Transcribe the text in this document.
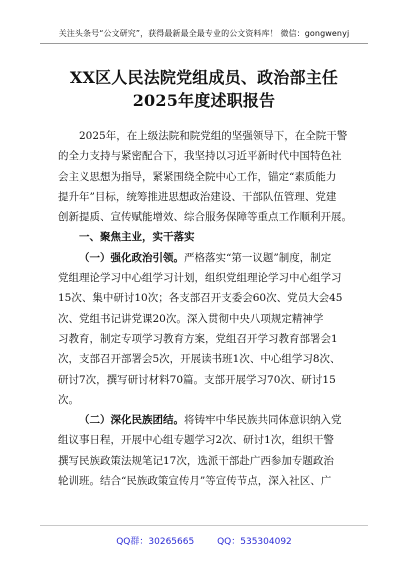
关注头条号“公文研究”，获得最新最全最专业的公文资料库！ 微信：gongwenyj
XX区人民法院党组成员、政治部主任
2025年度述职报告
2025年，在上级法院和院党组的坚强领导下，在全院干警
的全力支持与紧密配合下，我坚持以习近平新时代中国特色社
会主义思想为指导，紧紧围绕全院中心工作，锚定“素质能力
提升年”目标，统筹推进思想政治建设、干部队伍管理、党建
创新提质、宣传赋能增效、综合服务保障等重点工作顺利开展。
一、聚焦主业，实干落实
（一）强化政治引领。严格落实“第一议题”制度，制定
党组理论学习中心组学习计划，组织党组理论学习中心组学习
15次、集中研讨10次；各支部召开支委会60次、党员大会45
次、党组书记讲党课20次。深入贯彻中央八项规定精神学
习教育，制定专项学习教育方案，党组召开学习教育部署会1
次，支部召开部署会5次，开展读书班1次、中心组学习8次、
研讨7次，撰写研讨材料70篇。支部开展学习70次、研讨15
次。
（二）深化民族团结。将铸牢中华民族共同体意识纳入党
组议事日程，开展中心组专题学习2次、研讨1次，组织干警
撰写民族政策法规笔记17次，选派干部赴广西参加专题政治
轮训班。结合“民族政策宣传月”等宣传节点，深入社区、广
QQ群：30265665	QQ：535304092
